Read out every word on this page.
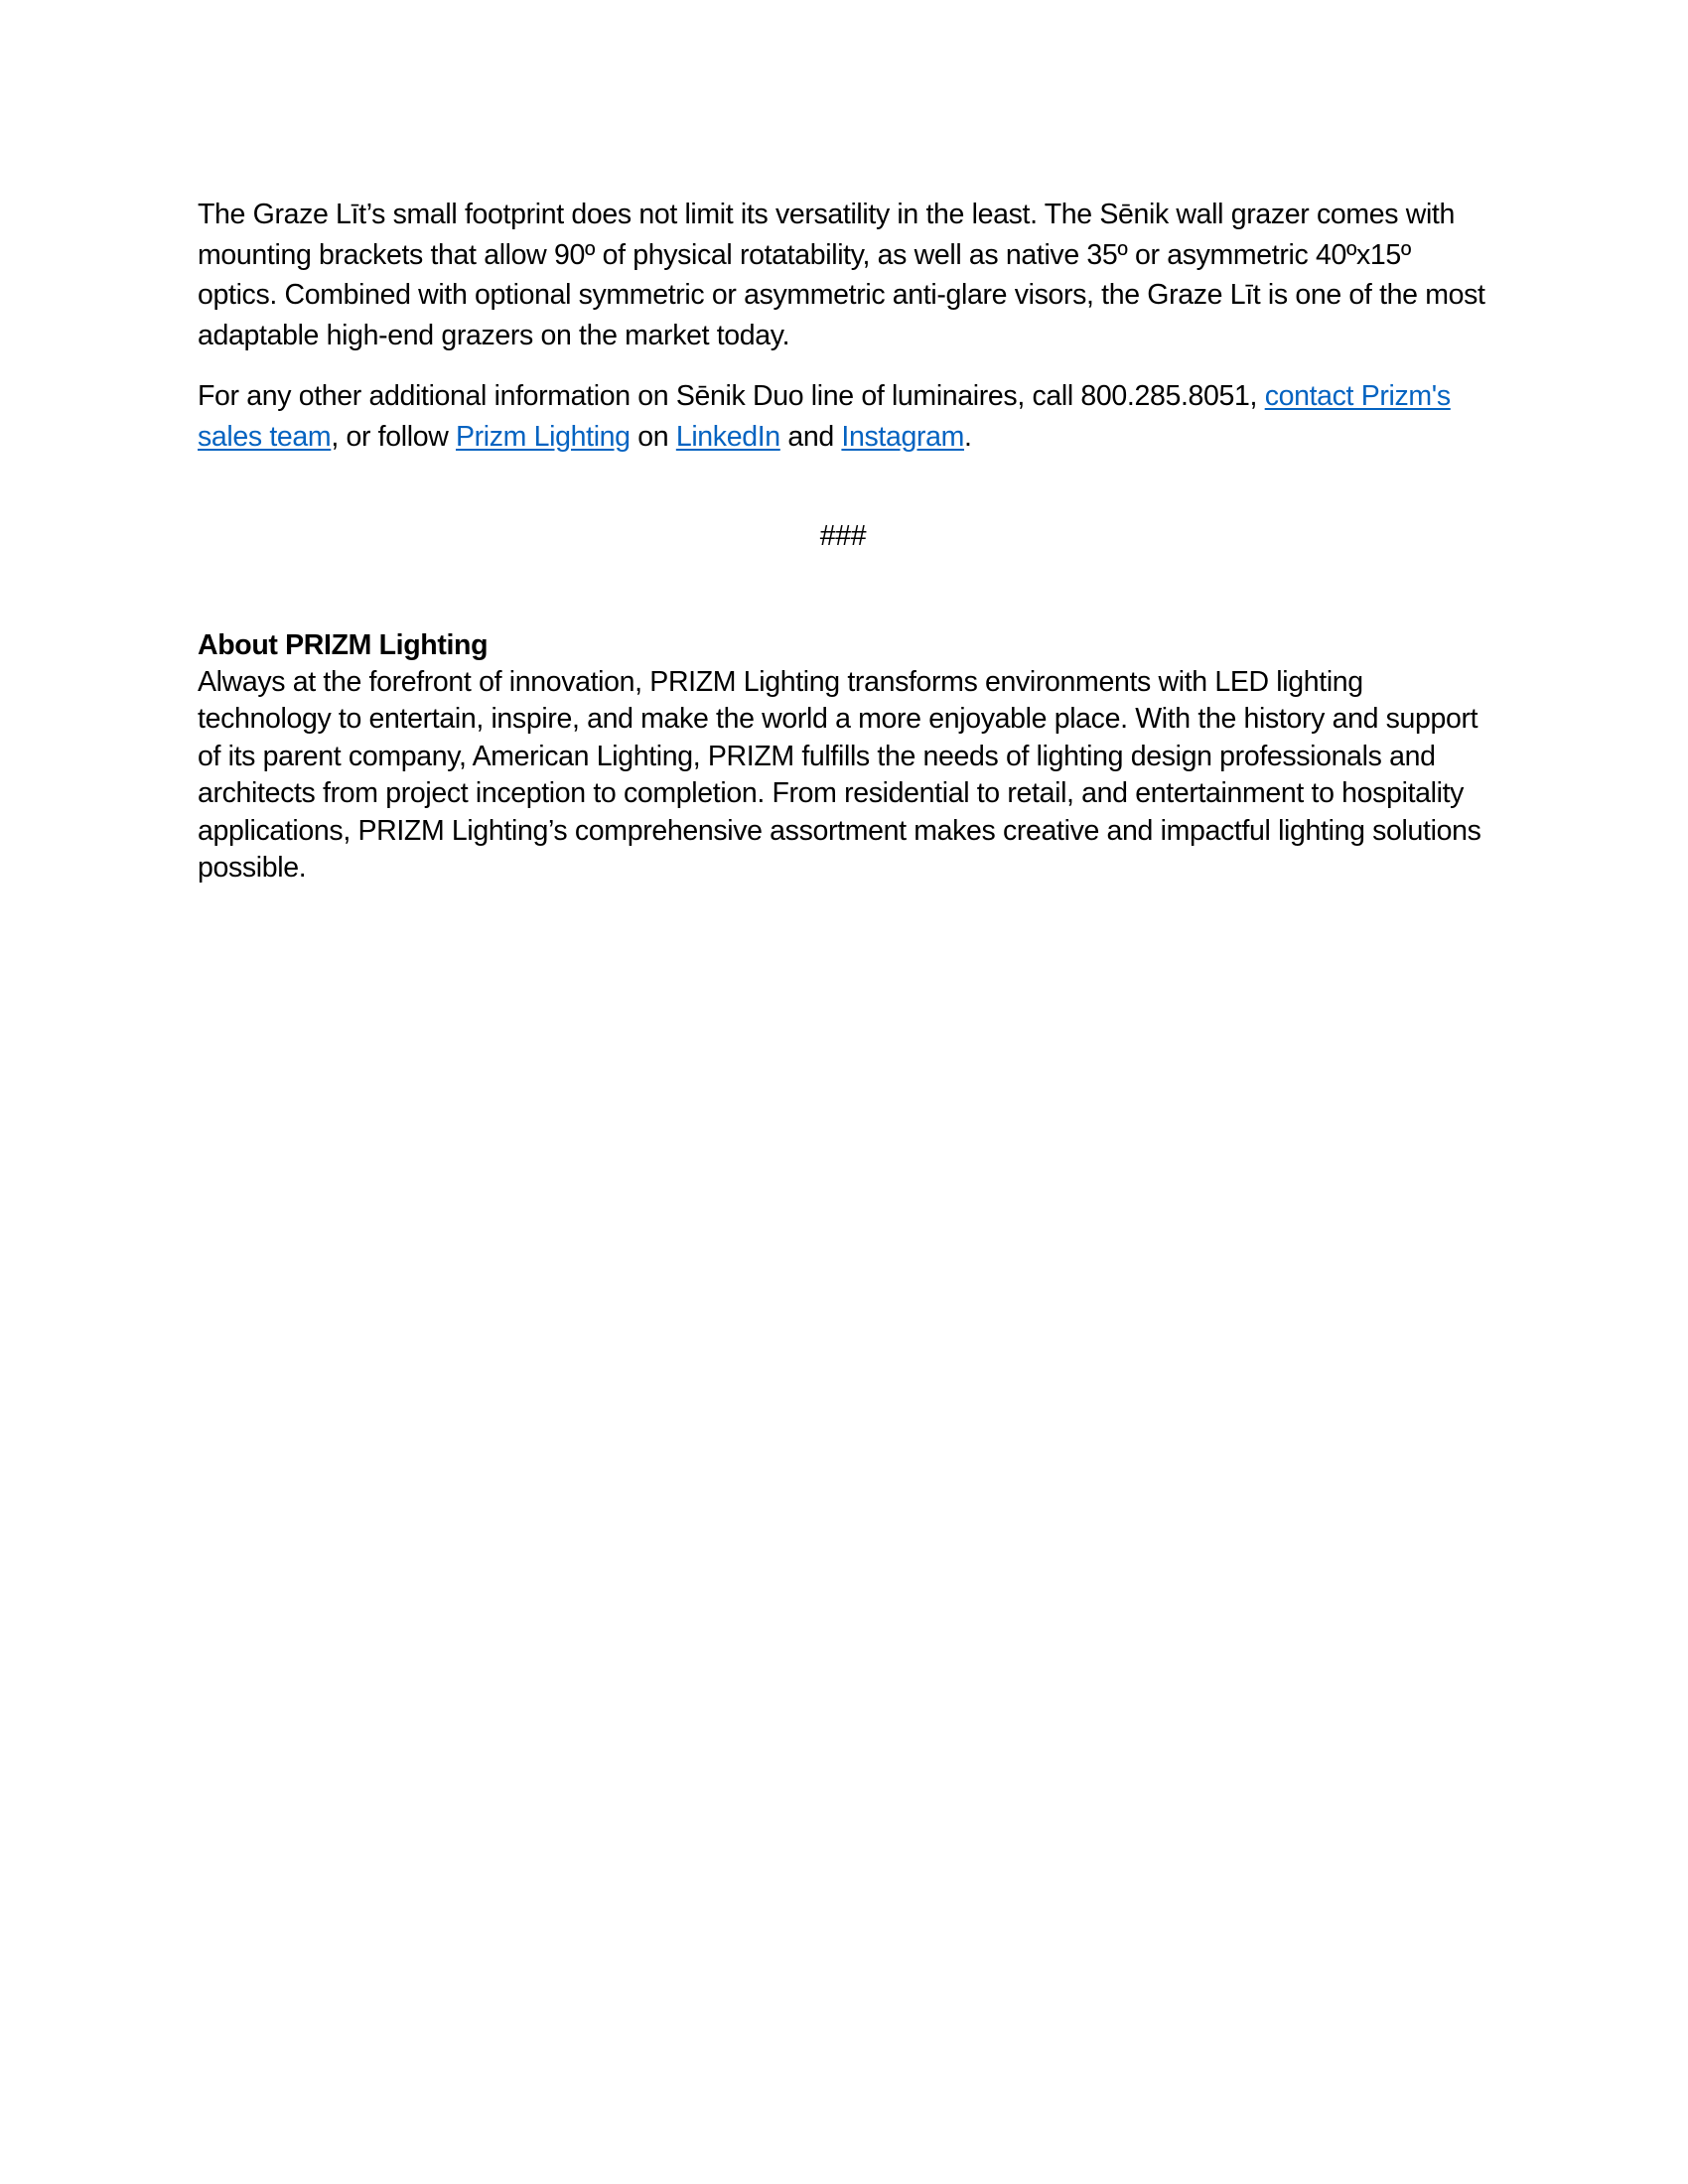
The Graze Līt’s small footprint does not limit its versatility in the least. The Sēnik wall grazer comes with mounting brackets that allow 90º of physical rotatability, as well as native 35º or asymmetric 40ºx15º optics. Combined with optional symmetric or asymmetric anti-glare visors, the Graze Līt is one of the most adaptable high-end grazers on the market today.

For any other additional information on Sēnik Duo line of luminaires, call 800.285.8051, contact Prizm's sales team, or follow Prizm Lighting on LinkedIn and Instagram.

###

About PRIZM Lighting

Always at the forefront of innovation, PRIZM Lighting transforms environments with LED lighting technology to entertain, inspire, and make the world a more enjoyable place. With the history and support of its parent company, American Lighting, PRIZM fulfills the needs of lighting design professionals and architects from project inception to completion. From residential to retail, and entertainment to hospitality applications, PRIZM Lighting’s comprehensive assortment makes creative and impactful lighting solutions possible.
